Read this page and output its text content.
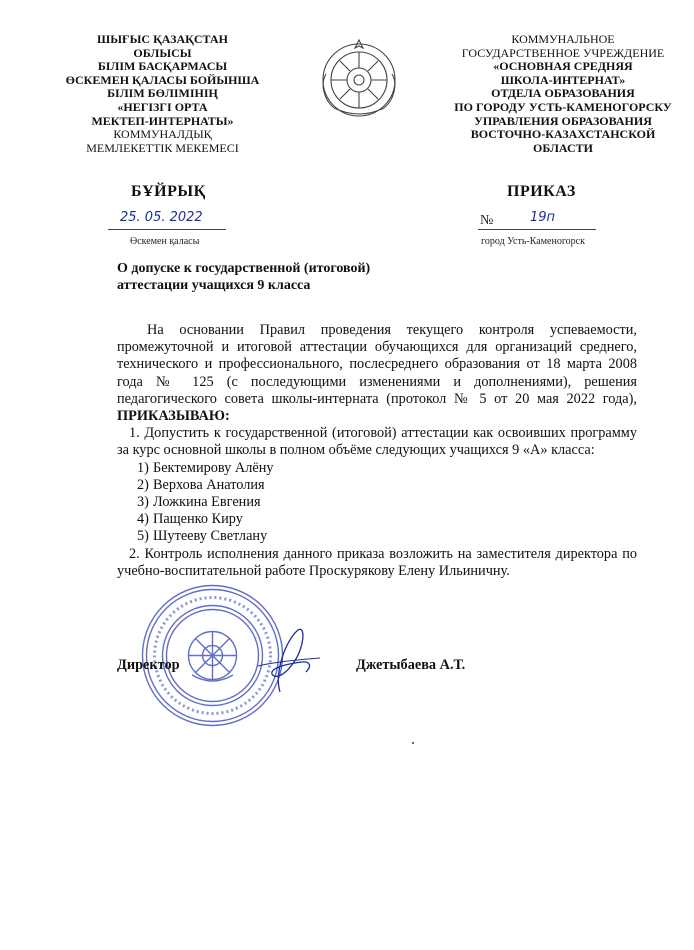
ШЫҒЫС ҚАЗАҚСТАН
ОБЛЫСЫ
БІЛІМ БАСҚАРМАСЫ
ӨСКЕМЕН ҚАЛАСЫ БОЙЫНША
БІЛІМ БӨЛІМІНІҢ
«НЕГІЗГІ ОРТА
МЕКТЕП-ИНТЕРНАТЫ»
КОММУНАЛДЫҚ
МЕМЛЕКЕТТІК МЕКЕМЕСІ
КОММУНАЛЬНОЕ
ГОСУДАРСТВЕННОЕ УЧРЕЖДЕНИЕ
«ОСНОВНАЯ СРЕДНЯЯ
ШКОЛА-ИНТЕРНАТ»
ОТДЕЛА ОБРАЗОВАНИЯ
ПО ГОРОДУ УСТЬ-КАМЕНОГОРСКУ
УПРАВЛЕНИЯ ОБРАЗОВАНИЯ
ВОСТОЧНО-КАЗАХСТАНСКОЙ
ОБЛАСТИ
БҰЙРЫҚ	ПРИКАЗ
25. 05. 2022
Өскемен қаласы
№	19п
город Усть-Каменогорск
О допуске к государственной (итоговой)
аттестации учащихся 9 класса

На основании Правил проведения текущего контроля успеваемости, промежуточной и итоговой аттестации обучающихся для организаций среднего, технического и профессионального, послесреднего образования от 18 марта 2008 года № 125 (с последующими изменениями и дополнениями), решения педагогического совета школы-интерната (протокол № 5 от 20 мая 2022 года), ПРИКАЗЫВАЮ:

1. Допустить к государственной (итоговой) аттестации как освоивших программу за курс основной школы в полном объёме следующих учащихся 9 «А» класса:

1) Бектемирову Алёну
2) Верхова Анатолия
3) Ложкина Евгения
4) Пащенко Киру
5) Шутееву Светлану

2. Контроль исполнения данного приказа возложить на заместителя директора по учебно-воспитательной работе Проскурякову Елену Ильиничну.

Директор	Джетыбаева А.Т.
